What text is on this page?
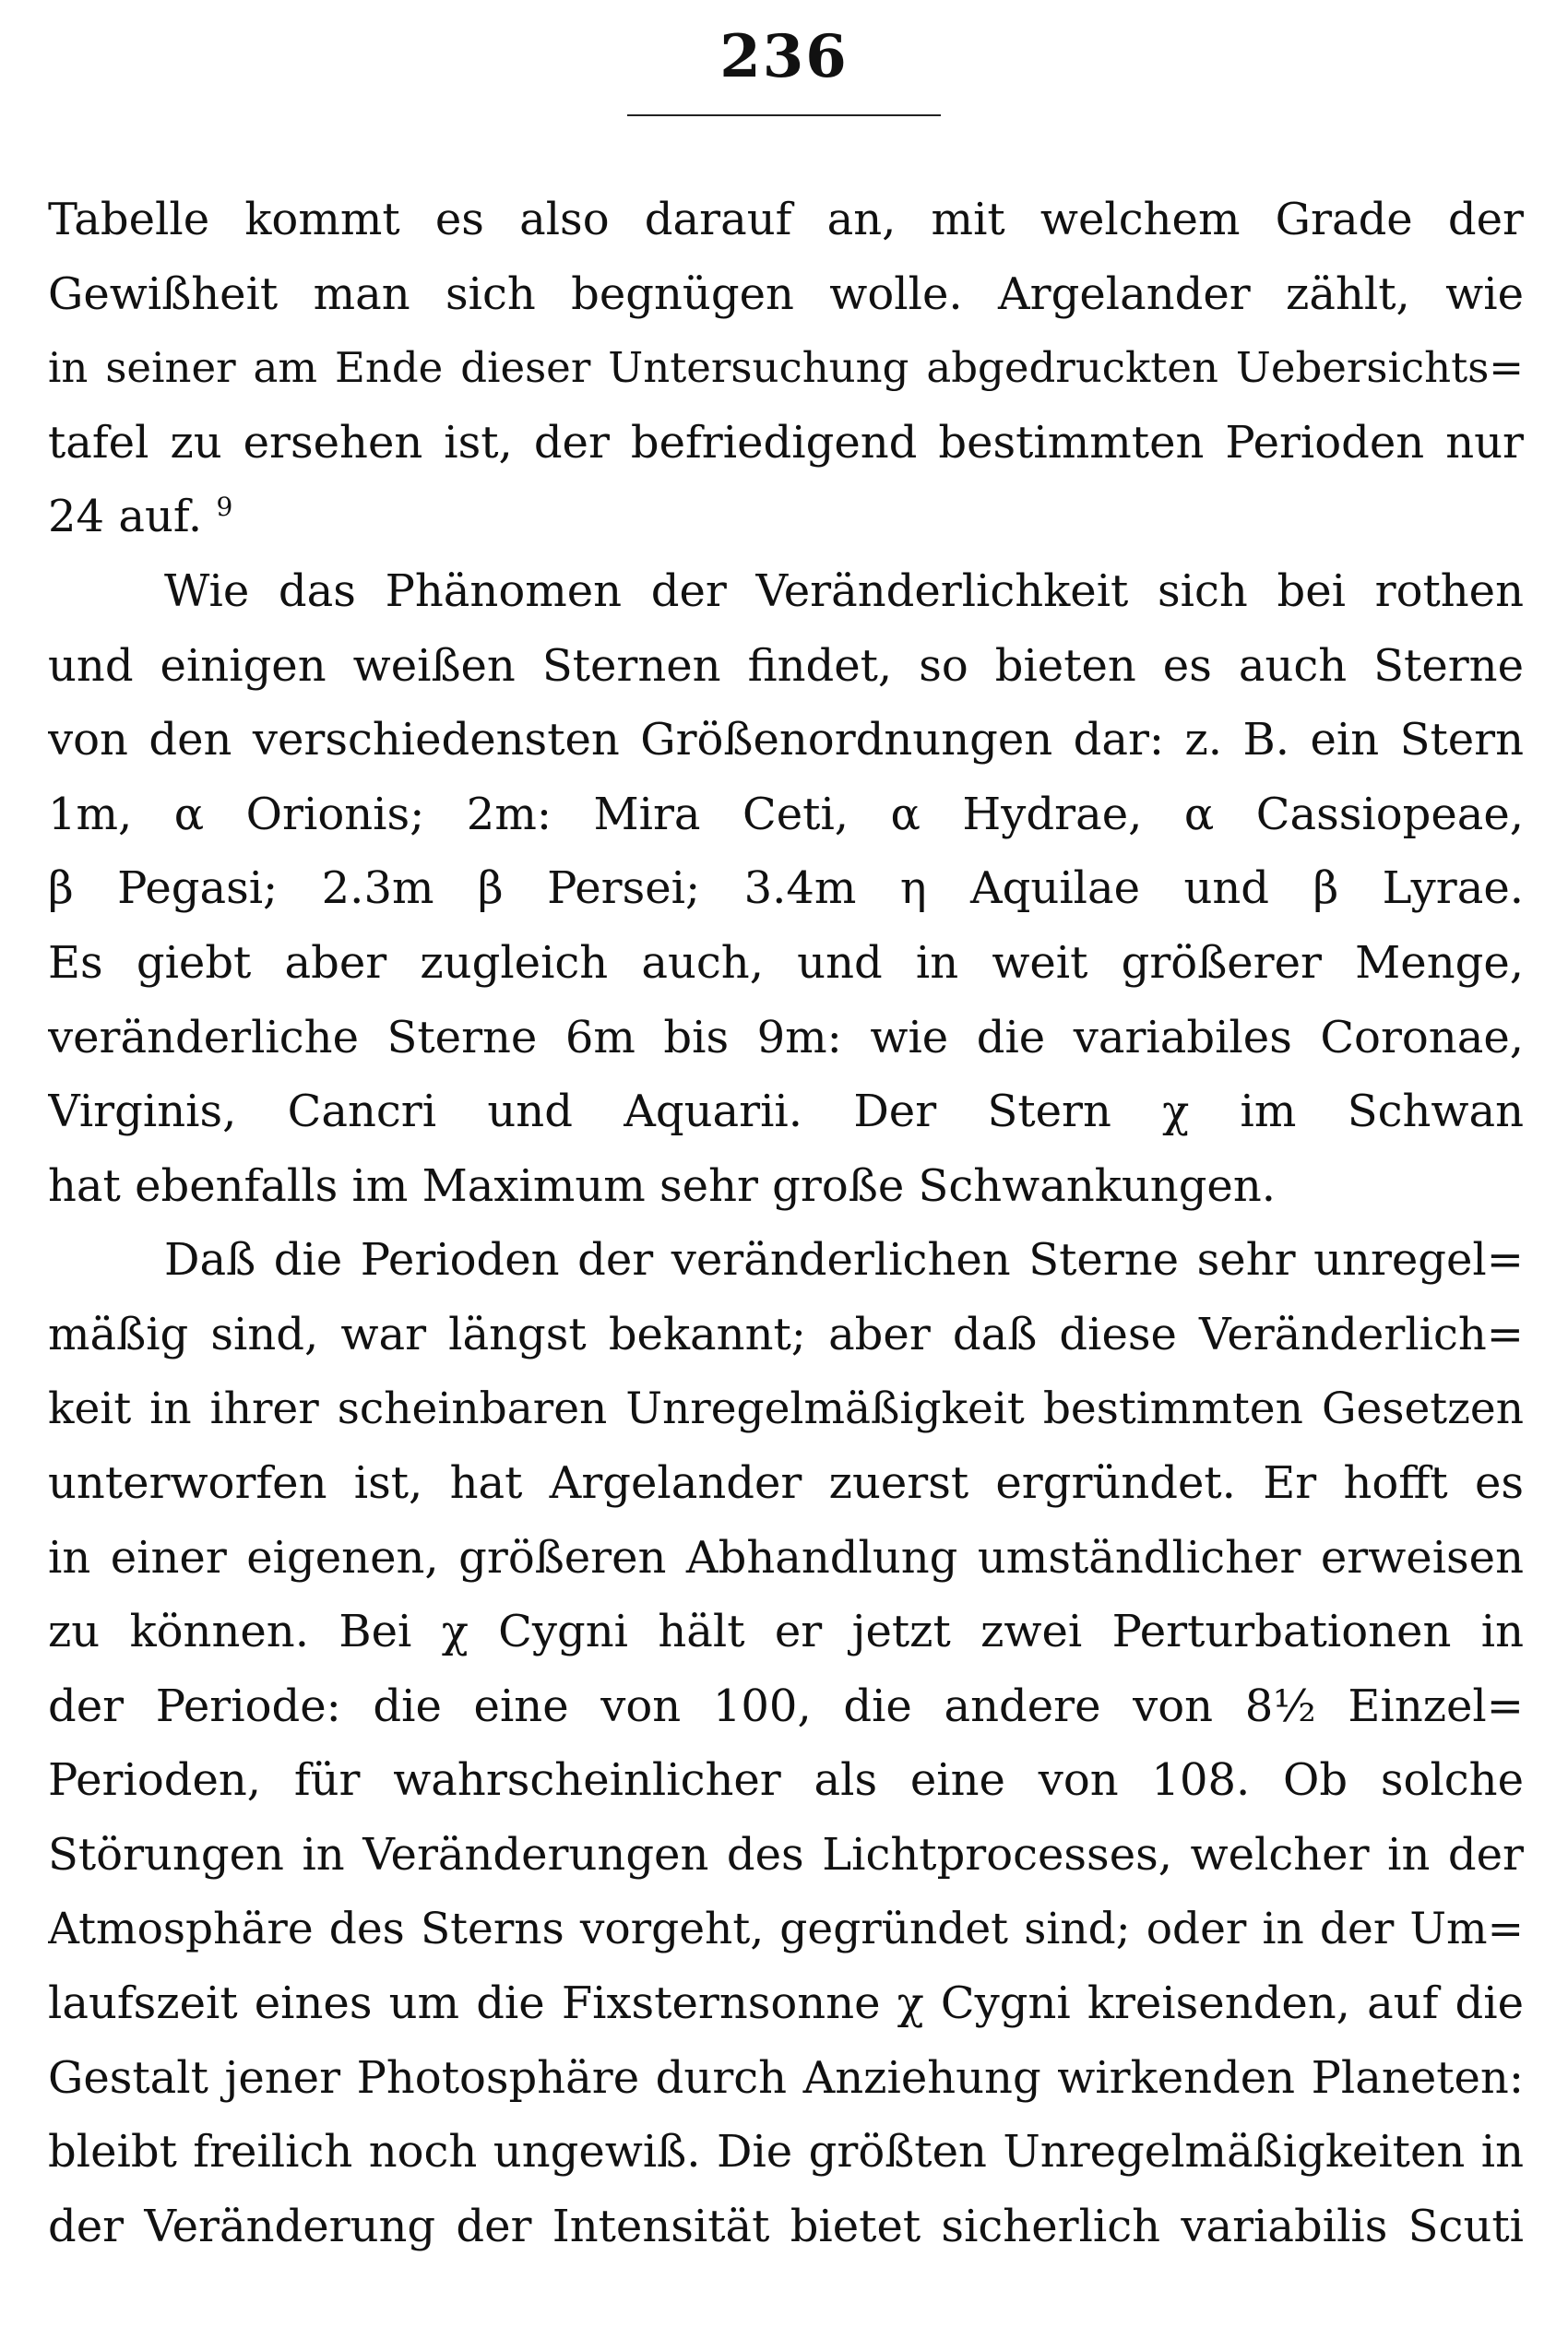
236
Tabelle kommt es also darauf an, mit welchem Grade der
Gewißheit man sich begnügen wolle. Argelander zählt, wie
in seiner am Ende dieser Untersuchung abgedruckten Uebersichts=
tafel zu ersehen ist, der befriedigend bestimmten Perioden nur
24 auf. $^9$
Wie das Phänomen der Veränderlichkeit sich bei rothen
und einigen weißen Sternen findet, so bieten es auch Sterne
von den verschiedensten Größenordnungen dar: z. B. ein Stern
1m, α Orionis; 2m: Mira Ceti, α Hydrae, α Cassiopeae,
β Pegasi; 2.3m β Persei; 3.4m η Aquilae und β Lyrae.
Es giebt aber zugleich auch, und in weit größerer Menge,
veränderliche Sterne 6m bis 9m: wie die variabiles Coronae,
Virginis, Cancri und Aquarii. Der Stern χ im Schwan
hat ebenfalls im Maximum sehr große Schwankungen.
Daß die Perioden der veränderlichen Sterne sehr unregel=
mäßig sind, war längst bekannt; aber daß diese Veränderlich=
keit in ihrer scheinbaren Unregelmäßigkeit bestimmten Gesetzen
unterworfen ist, hat Argelander zuerst ergründet. Er hofft es
in einer eigenen, größeren Abhandlung umständlicher erweisen
zu können. Bei χ Cygni hält er jetzt zwei Perturbationen in
der Periode: die eine von 100, die andere von 8½ Einzel=
Perioden, für wahrscheinlicher als eine von 108. Ob solche
Störungen in Veränderungen des Lichtprocesses, welcher in der
Atmosphäre des Sterns vorgeht, gegründet sind; oder in der Um=
laufszeit eines um die Fixsternsonne χ Cygni kreisenden, auf die
Gestalt jener Photosphäre durch Anziehung wirkenden Planeten:
bleibt freilich noch ungewiß. Die größten Unregelmäßigkeiten in
der Veränderung der Intensität bietet sicherlich variabilis Scuti
